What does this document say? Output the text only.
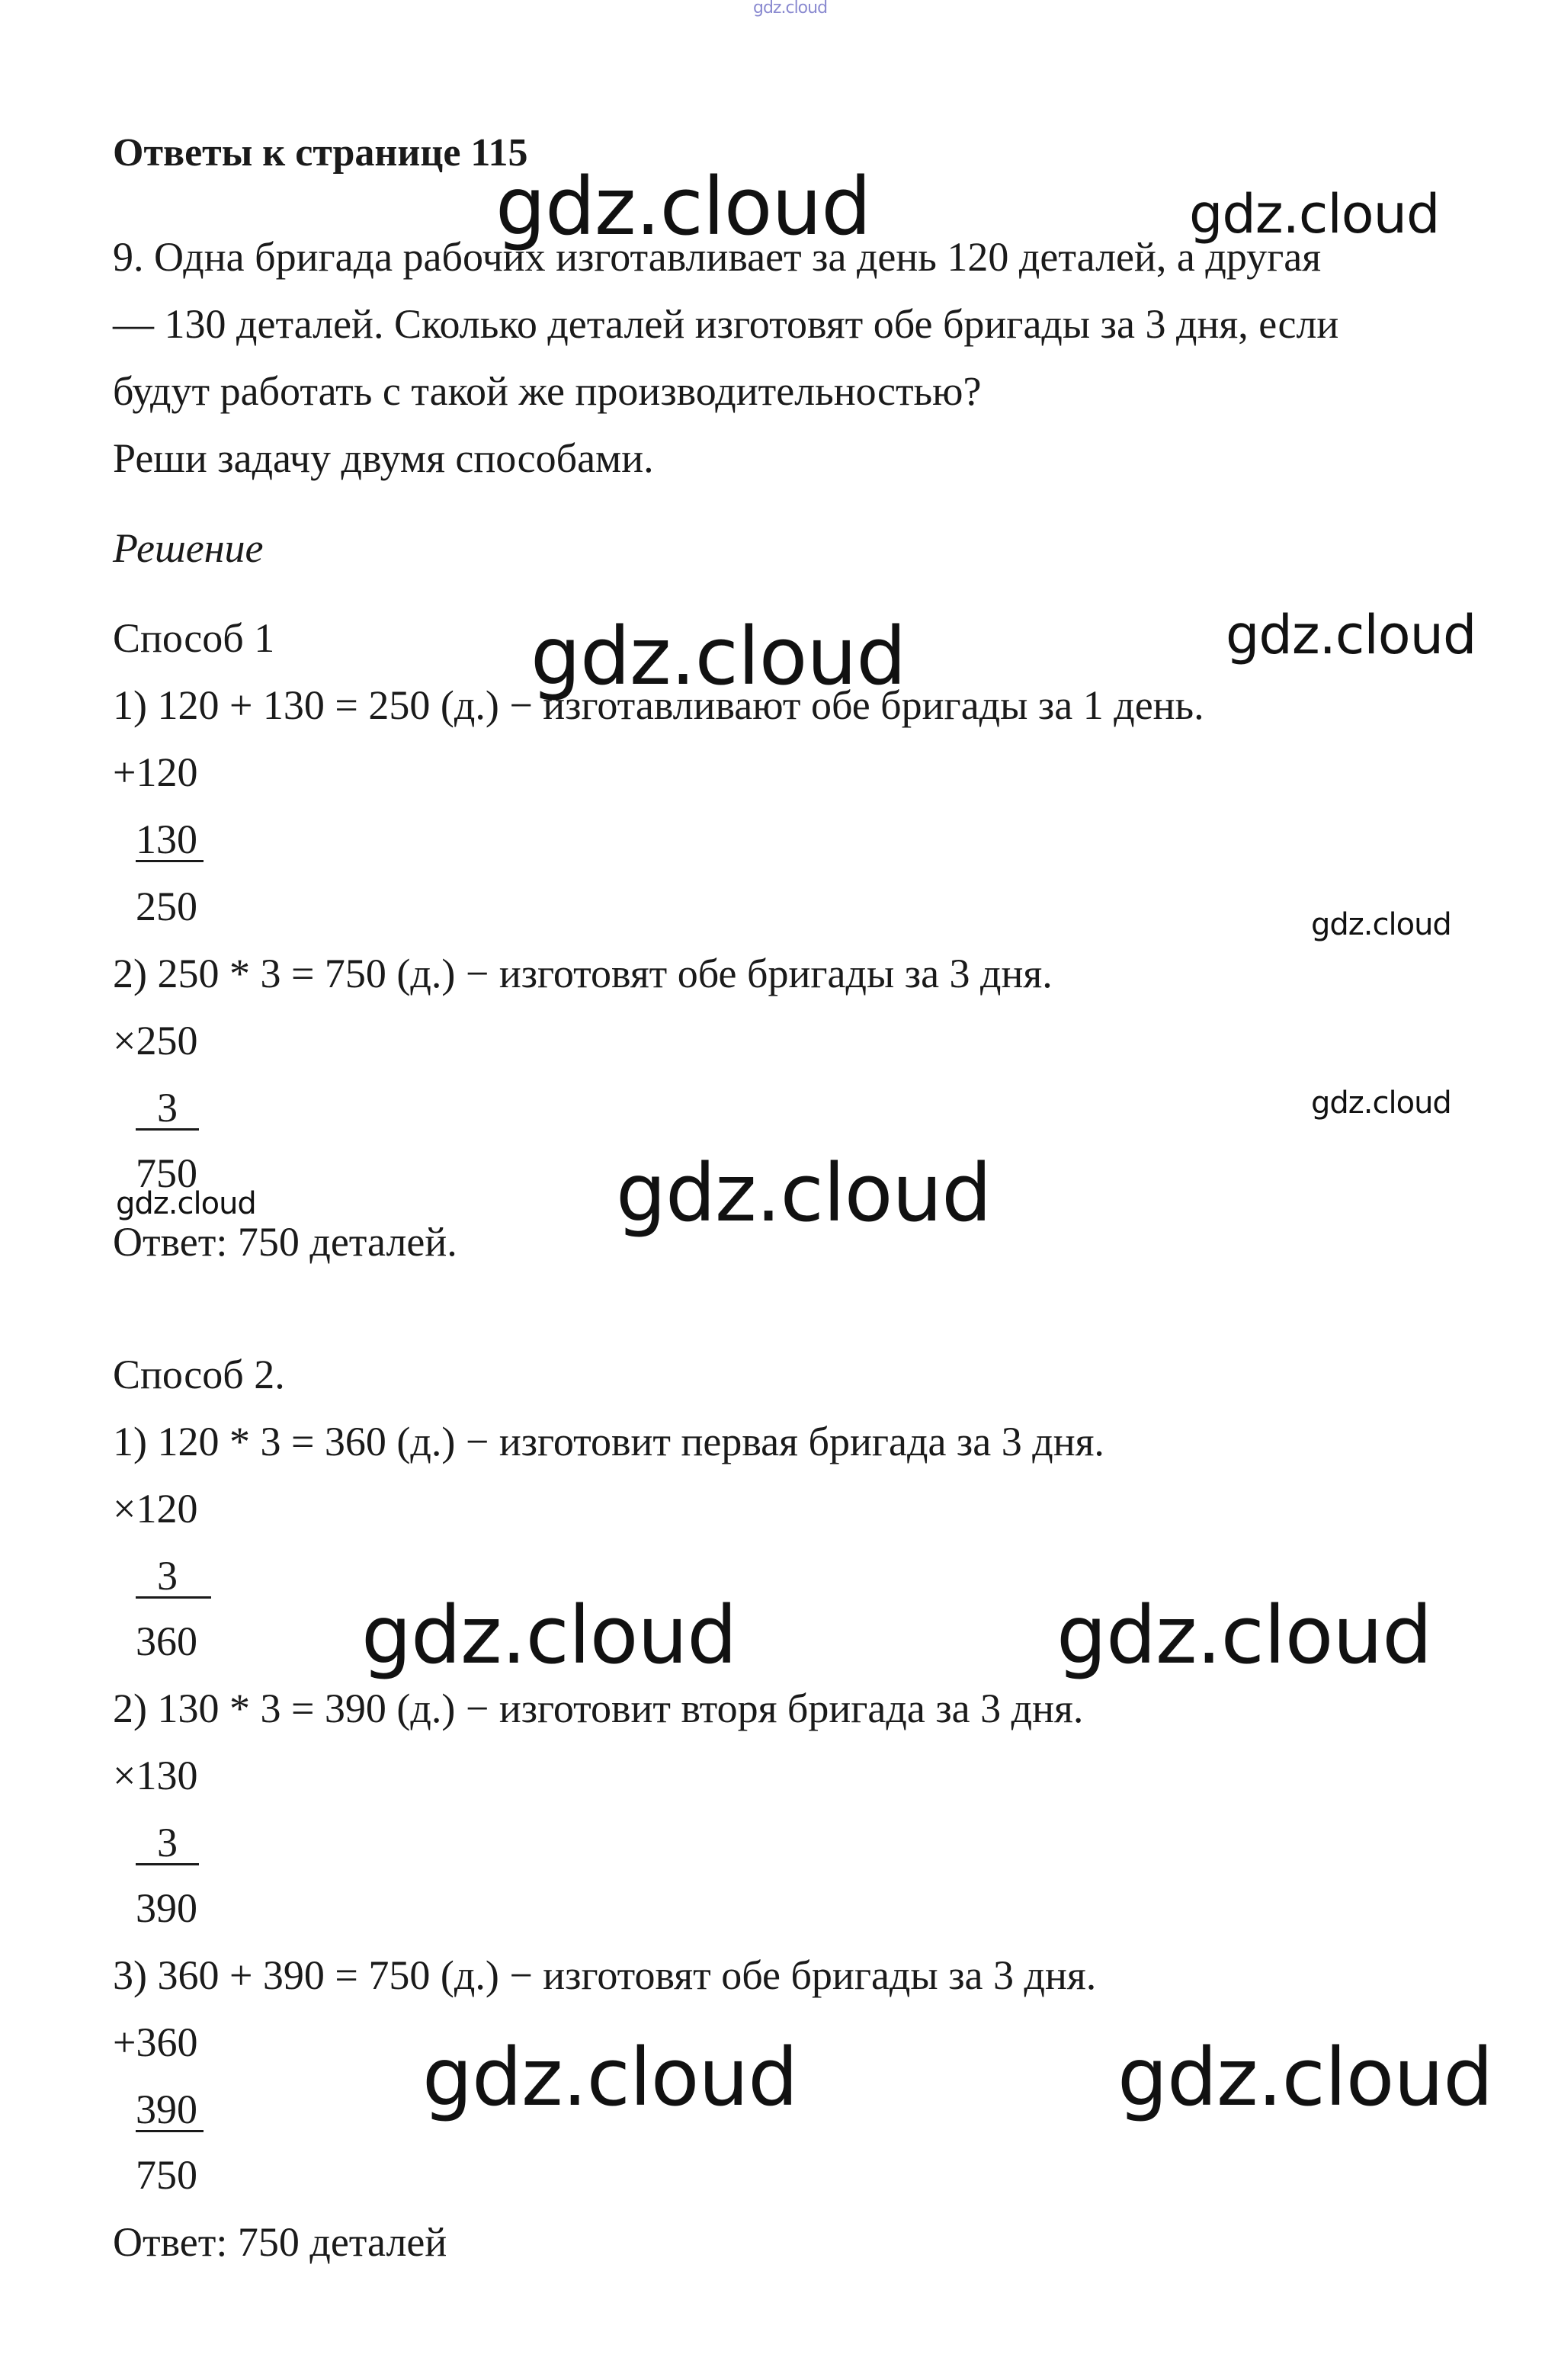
gdz.cloud
gdz.cloud	gdz.cloud
gdz.cloud	gdz.cloud
gdz.cloud
gdz.cloud
gdz.cloud	gdz.cloud
gdz.cloud	gdz.cloud
gdz.cloud	gdz.cloud
Ответы к странице 115
9. Одна бригада рабочих изготавливает за день 120 деталей, а другая
— 130 деталей. Сколько деталей изготовят обе бригады за 3 дня, если
будут работать с такой же производительностью?
Реши задачу двумя способами.
Решение
Способ 1
1) 120 + 130 = 250 (д.) − изготавливают обе бригады за 1 день.
+120
130
250
2) 250 * 3 = 750 (д.) − изготовят обе бригады за 3 дня.
×250
3
750
Ответ: 750 деталей.
Способ 2.
1) 120 * 3 = 360 (д.) − изготовит первая бригада за 3 дня.
×120
3
360
2) 130 * 3 = 390 (д.) − изготовит вторя бригада за 3 дня.
×130
3
390
3) 360 + 390 = 750 (д.) − изготовят обе бригады за 3 дня.
+360
390
750
Ответ: 750 деталей
